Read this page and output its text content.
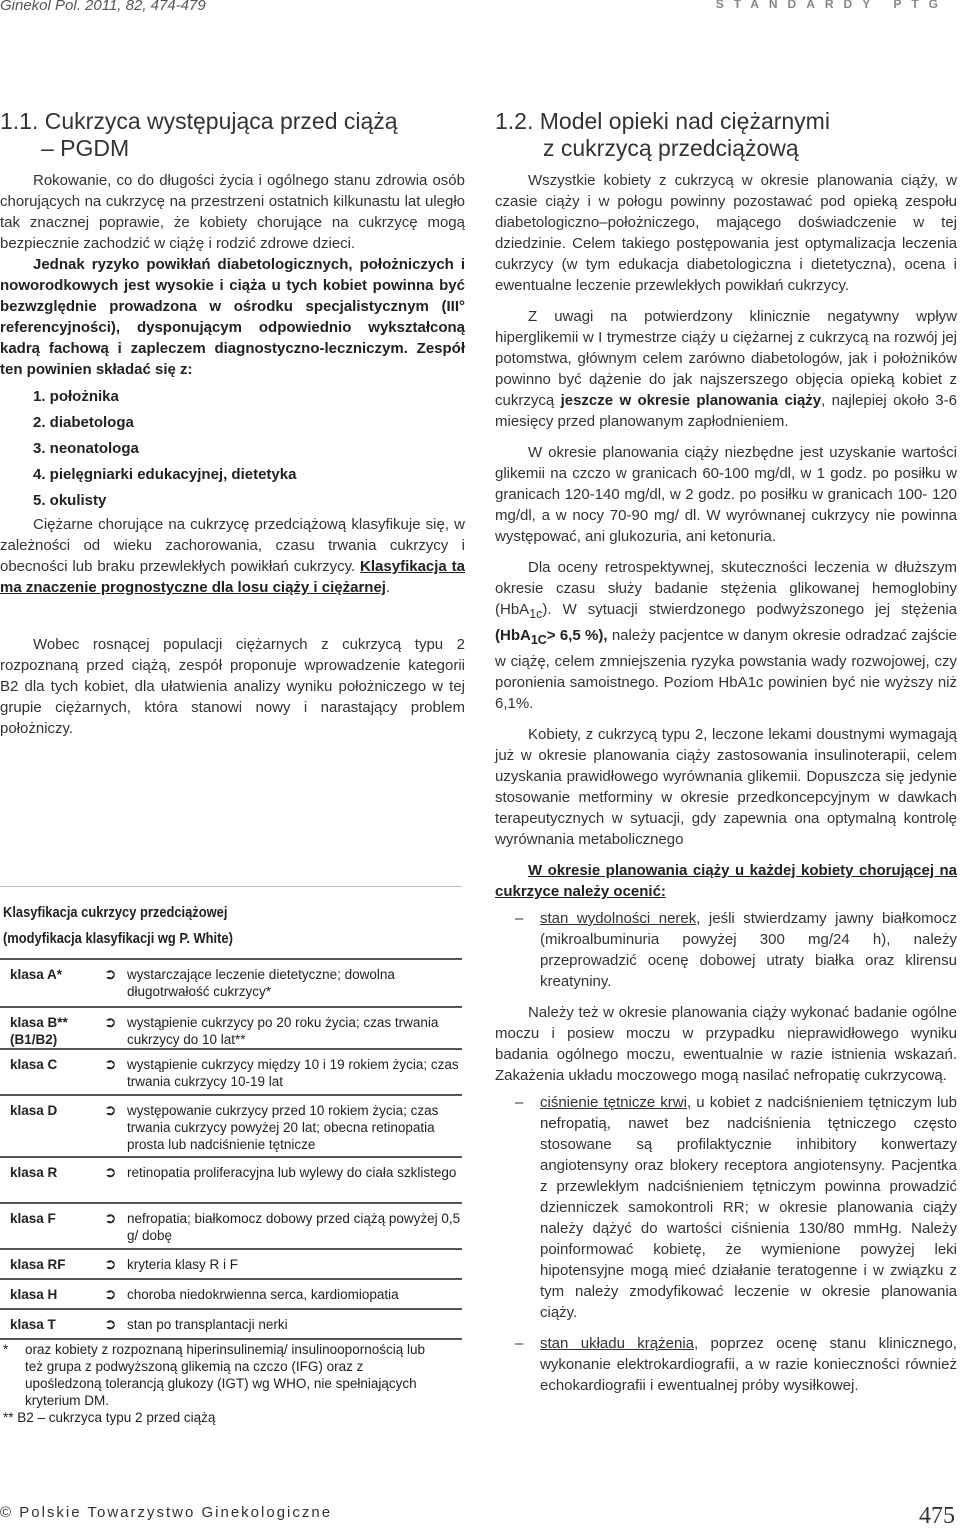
Ginekol Pol. 2011, 82, 474-479	STANDARDY PTG
1.1. Cukrzyca występująca przed ciążą
– PGDM

Rokowanie, co do długości życia i ogólnego stanu zdrowia osób chorujących na cukrzycę na przestrzeni ostatnich kilkunastu lat uległo tak znacznej poprawie, że kobiety chorujące na cukrzycę mogą bezpiecznie zachodzić w ciążę i rodzić zdrowe dzieci.

Jednak ryzyko powikłań diabetologicznych, położniczych i noworodkowych jest wysokie i ciąża u tych kobiet powinna być bezwzględnie prowadzona w ośrodku specjalistycznym (III° referencyjności), dysponującym odpowiednio wykształconą kadrą fachową i zapleczem diagnostyczno-leczniczym. Zespół ten powinien składać się z:

1. położnika
2. diabetologa
3. neonatologa
4. pielęgniarki edukacyjnej, dietetyka
5. okulisty

Ciężarne chorujące na cukrzycę przedciążową klasyfikuje się, w zależności od wieku zachorowania, czasu trwania cukrzycy i obecności lub braku przewlekłych powikłań cukrzycy. Klasyfikacja ta ma znaczenie prognostyczne dla losu ciąży i ciężarnej.

Wobec rosnącej populacji ciężarnych z cukrzycą typu 2 rozpoznaną przed ciążą, zespół proponuje wprowadzenie kategorii B2 dla tych kobiet, dla ułatwienia analizy wyniku położniczego w tej grupie ciężarnych, która stanowi nowy i narastający problem położniczy.

Klasyfikacja cukrzycy przedciążowej
(modyfikacja klasyfikacji wg P. White)
klasa A*	➲ wystarczające leczenie dietetyczne; dowolna długotrwałość cukrzycy*
klasa B** (B1/B2)
➲ wystąpienie cukrzycy po 20 roku życia; czas trwania cukrzycy do 10 lat**
klasa C	➲ wystąpienie cukrzycy między 10 i 19 rokiem życia; czas trwania cukrzycy 10-19 lat
klasa D	➲ występowanie cukrzycy przed 10 rokiem życia; czas trwania cukrzycy powyżej 20 lat; obecna retinopatia prosta lub nadciśnienie tętnicze
klasa R	➲ retinopatia proliferacyjna lub wylewy do ciała szklistego
klasa F	➲ nefropatia; białkomocz dobowy przed ciążą powyżej 0,5 g/ dobę
klasa RF	➲ kryteria klasy R i F
klasa H	➲ choroba niedokrwienna serca, kardiomiopatia
klasa T	➲ stan po transplantacji nerki
* oraz kobiety z rozpoznaną hiperinsulinemią/ insulinoopornością lub też grupa z podwyższoną glikemią na czczo (IFG) oraz z upośledzoną tolerancją glukozy (IGT) wg WHO, nie spełniających kryterium DM.
** B2 – cukrzyca typu 2 przed ciążą
1.2. Model opieki nad ciężarnymi
z cukrzycą przedciążową

Wszystkie kobiety z cukrzycą w okresie planowania ciąży, w czasie ciąży i w połogu powinny pozostawać pod opieką zespołu diabetologiczno–położniczego, mającego doświadczenie w tej dziedzinie. Celem takiego postępowania jest optymalizacja leczenia cukrzycy (w tym edukacja diabetologiczna i dietetyczna), ocena i ewentualne leczenie przewlekłych powikłań cukrzycy.

Z uwagi na potwierdzony klinicznie negatywny wpływ hiperglikemii w I trymestrze ciąży u ciężarnej z cukrzycą na rozwój jej potomstwa, głównym celem zarówno diabetologów, jak i położników powinno być dążenie do jak najszerszego objęcia opieką kobiet z cukrzycą jeszcze w okresie planowania ciąży, najlepiej około 3-6 miesięcy przed planowanym zapłodnieniem.

W okresie planowania ciąży niezbędne jest uzyskanie wartości glikemii na czczo w granicach 60-100 mg/dl, w 1 godz. po posiłku w granicach 120-140 mg/dl, w 2 godz. po posiłku w granicach 100- 120 mg/dl, a w nocy 70-90 mg/ dl. W wyrównanej cukrzycy nie powinna występować, ani glukozuria, ani ketonuria.

Dla oceny retrospektywnej, skuteczności leczenia w dłuższym okresie czasu służy badanie stężenia glikowanej hemoglobiny (HbA$_{1c}$). W sytuacji stwierdzonego podwyższonego jej stężenia (HbA$_{1C}$> 6,5 %), należy pacjentce w danym okresie odradzać zajście w ciążę, celem zmniejszenia ryzyka powstania wady rozwojowej, czy poronienia samoistnego. Poziom HbA1c powinien być nie wyższy niż 6,1%.

Kobiety, z cukrzycą typu 2, leczone lekami doustnymi wymagają już w okresie planowania ciąży zastosowania insulinoterapii, celem uzyskania prawidłowego wyrównania glikemii. Dopuszcza się jedynie stosowanie metforminy w okresie przedkoncepcyjnym w dawkach terapeutycznych w sytuacji, gdy zapewnia ona optymalną kontrolę wyrównania metabolicznego

W okresie planowania ciąży u każdej kobiety chorującej na cukrzyce należy ocenić:

– stan wydolności nerek, jeśli stwierdzamy jawny białkomocz (mikroalbuminuria powyżej 300 mg/24 h), należy przeprowadzić ocenę dobowej utraty białka oraz klirensu kreatyniny.

Należy też w okresie planowania ciąży wykonać badanie ogólne moczu i posiew moczu w przypadku nieprawidłowego wyniku badania ogólnego moczu, ewentualnie w razie istnienia wskazań. Zakażenia układu moczowego mogą nasilać nefropatię cukrzycową.

– ciśnienie tętnicze krwi, u kobiet z nadciśnieniem tętniczym lub nefropatią, nawet bez nadciśnienia tętniczego często stosowane są profilaktycznie inhibitory konwertazy angiotensyny oraz blokery receptora angiotensyny. Pacjentka z przewlekłym nadciśnieniem tętniczym powinna prowadzić dzienniczek samokontroli RR; w okresie planowania ciąży należy dążyć do wartości ciśnienia 130/80 mmHg. Należy poinformować kobietę, że wymienione powyżej leki hipotensyjne mogą mieć działanie teratogenne i w związku z tym należy zmodyfikować leczenie w okresie planowania ciąży.
– stan układu krążenia, poprzez ocenę stanu klinicznego, wykonanie elektrokardiografii, a w razie konieczności również echokardiografii i ewentualnej próby wysiłkowej.
© Polskie Towarzystwo Ginekologiczne	475
